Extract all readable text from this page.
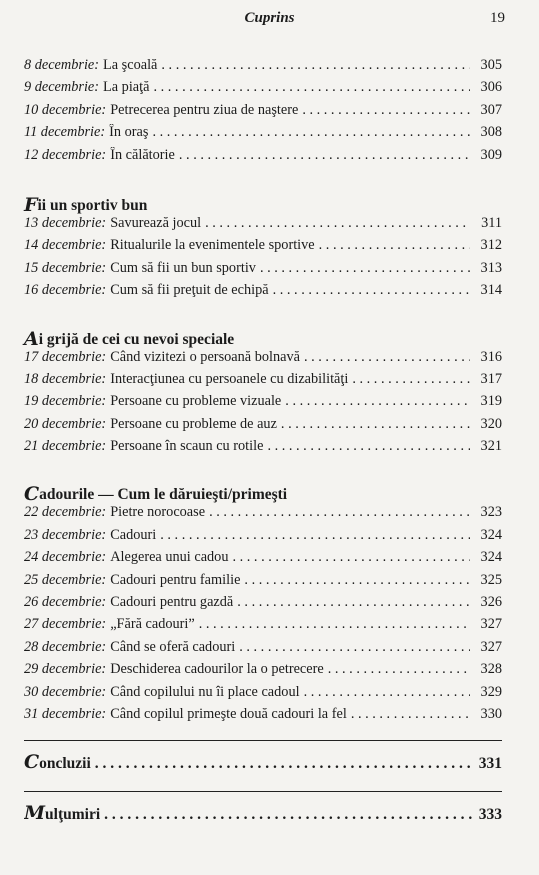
Cuprins	19
8 decembrie : La şcoală . . .	305
9 decembrie : La piaţă . . .	306
10 decembrie : Petrecerea pentru ziua de naştere . . .	307
11 decembrie : În oraş . . .	308
12 decembrie : În călătorie . . .	309
F ii un sportiv bun
13 decembrie : Savurează jocul . . .	311
14 decembrie : Ritualurile la evenimentele sportive . . .	312
15 decembrie : Cum să fii un bun sportiv . . .	313
16 decembrie : Cum să fii preţuit de echipă . . .	314
A i grijă de cei cu nevoi speciale
17 decembrie : Când vizitezi o persoană bolnavă . . .	316
18 decembrie : Interacţiunea cu persoanele cu dizabilităţi . . .	317
19 decembrie : Persoane cu probleme vizuale . . .	319
20 decembrie : Persoane cu probleme de auz . . .	320
21 decembrie : Persoane în scaun cu rotile . . .	321
C adourile — Cum le dăruieşti/primeşti
22 decembrie : Pietre norocoase . . .	323
23 decembrie : Cadouri . . .	324
24 decembrie : Alegerea unui cadou . . .	324
25 decembrie : Cadouri pentru familie . . .	325
26 decembrie : Cadouri pentru gazdă . . .	326
27 decembrie : „Fără cadouri” . . .	327
28 decembrie : Când se oferă cadouri . . .	327
29 decembrie : Deschiderea cadourilor la o petrecere . . .	328
30 decembrie : Când copilului nu îi place cadoul . . .	329
31 decembrie : Când copilul primeşte două cadouri la fel . . .	330
C oncluzii . . .	331
M ulţumiri . . .	333
